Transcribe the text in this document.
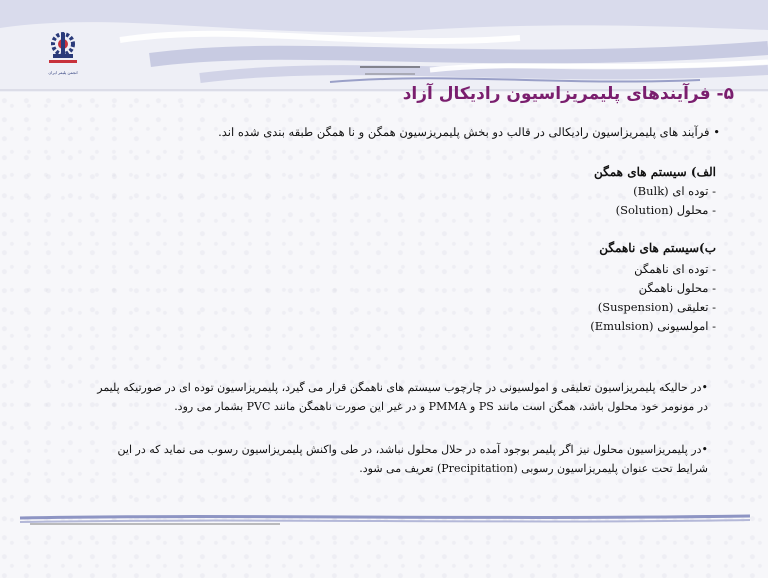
انجمن پلیمر ایران
۵- فرآیندهای پلیمریزاسیون رادیکال آزاد

• فرآیند های پلیمریزاسیون رادیکالی در قالب دو بخش پلیمریزسیون همگن و نا همگن طبقه بندی شده اند.

الف) سیستم های همگن

- توده ای (Bulk)

- محلول (Solution)

ب)سیستم های ناهمگن

- توده ای ناهمگن

- محلول ناهمگن

- تعلیقی (Suspension)

- امولسیونی (Emulsion)

•در حالیکه پلیمریزاسیون تعلیقی و امولسیونی در چارچوب سیستم های ناهمگن قرار می گیرد، پلیمریزاسیون توده ای در صورتیکه پلیمر

در مونومر خود محلول باشد، همگن است مانند PS و PMMA و در غیر این صورت ناهمگن مانند PVC بشمار می رود.

•در پلیمریزاسیون محلول نیز اگر پلیمر بوجود آمده در حلال محلول نباشد، در طی واکنش پلیمریزاسیون رسوب می نماید که در این

شرایط تحت عنوان پلیمریزاسیون رسوبی (Precipitation) تعریف می شود.
